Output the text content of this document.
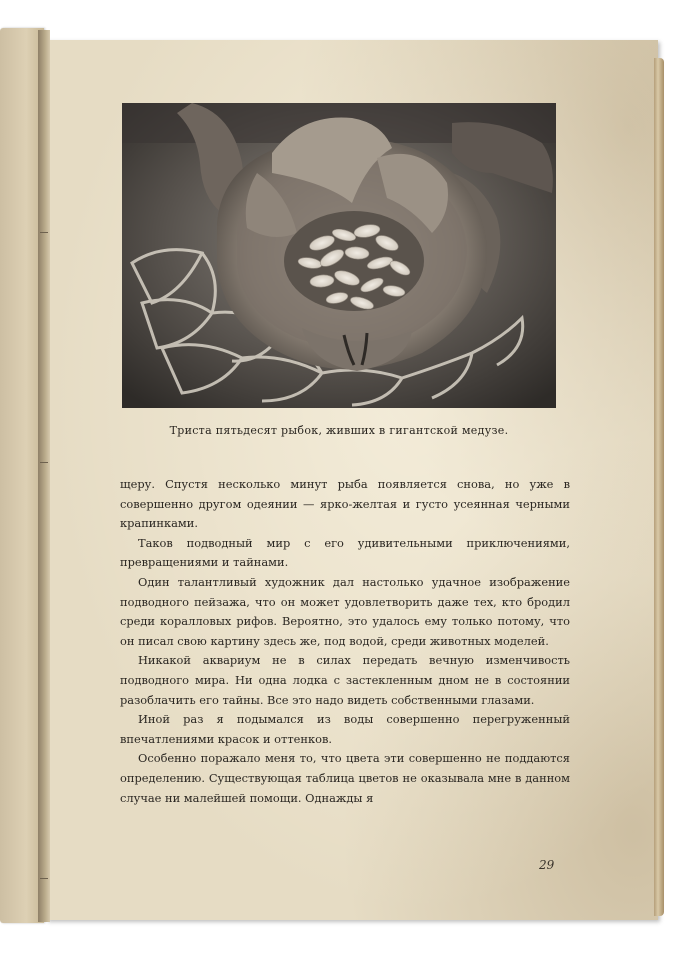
Триста пятьдесят рыбок, живших в гигантской медузе.

щеру. Спустя несколько минут рыба появляется снова, но уже в совершенно другом одеянии — ярко-желтая и густо усеянная черными крапинками.

Таков подводный мир с его удивительными приключениями, превращениями и тайнами.

Один талантливый художник дал настолько удачное изображение подводного пейзажа, что он может удовлетворить даже тех, кто бродил среди коралловых рифов. Вероятно, это удалось ему только потому, что он писал свою картину здесь же, под водой, среди животных моделей.

Никакой аквариум не в силах передать вечную изменчивость подводного мира. Ни одна лодка с застекленным дном не в состоянии разоблачить его тайны. Все это надо видеть собственными глазами.

Иной раз я подымался из воды совершенно перегруженный впечатлениями красок и оттенков.

Особенно поражало меня то, что цвета эти совершенно не поддаются определению. Существующая таблица цветов не оказывала мне в данном случае ни малейшей помощи. Однажды я

29
